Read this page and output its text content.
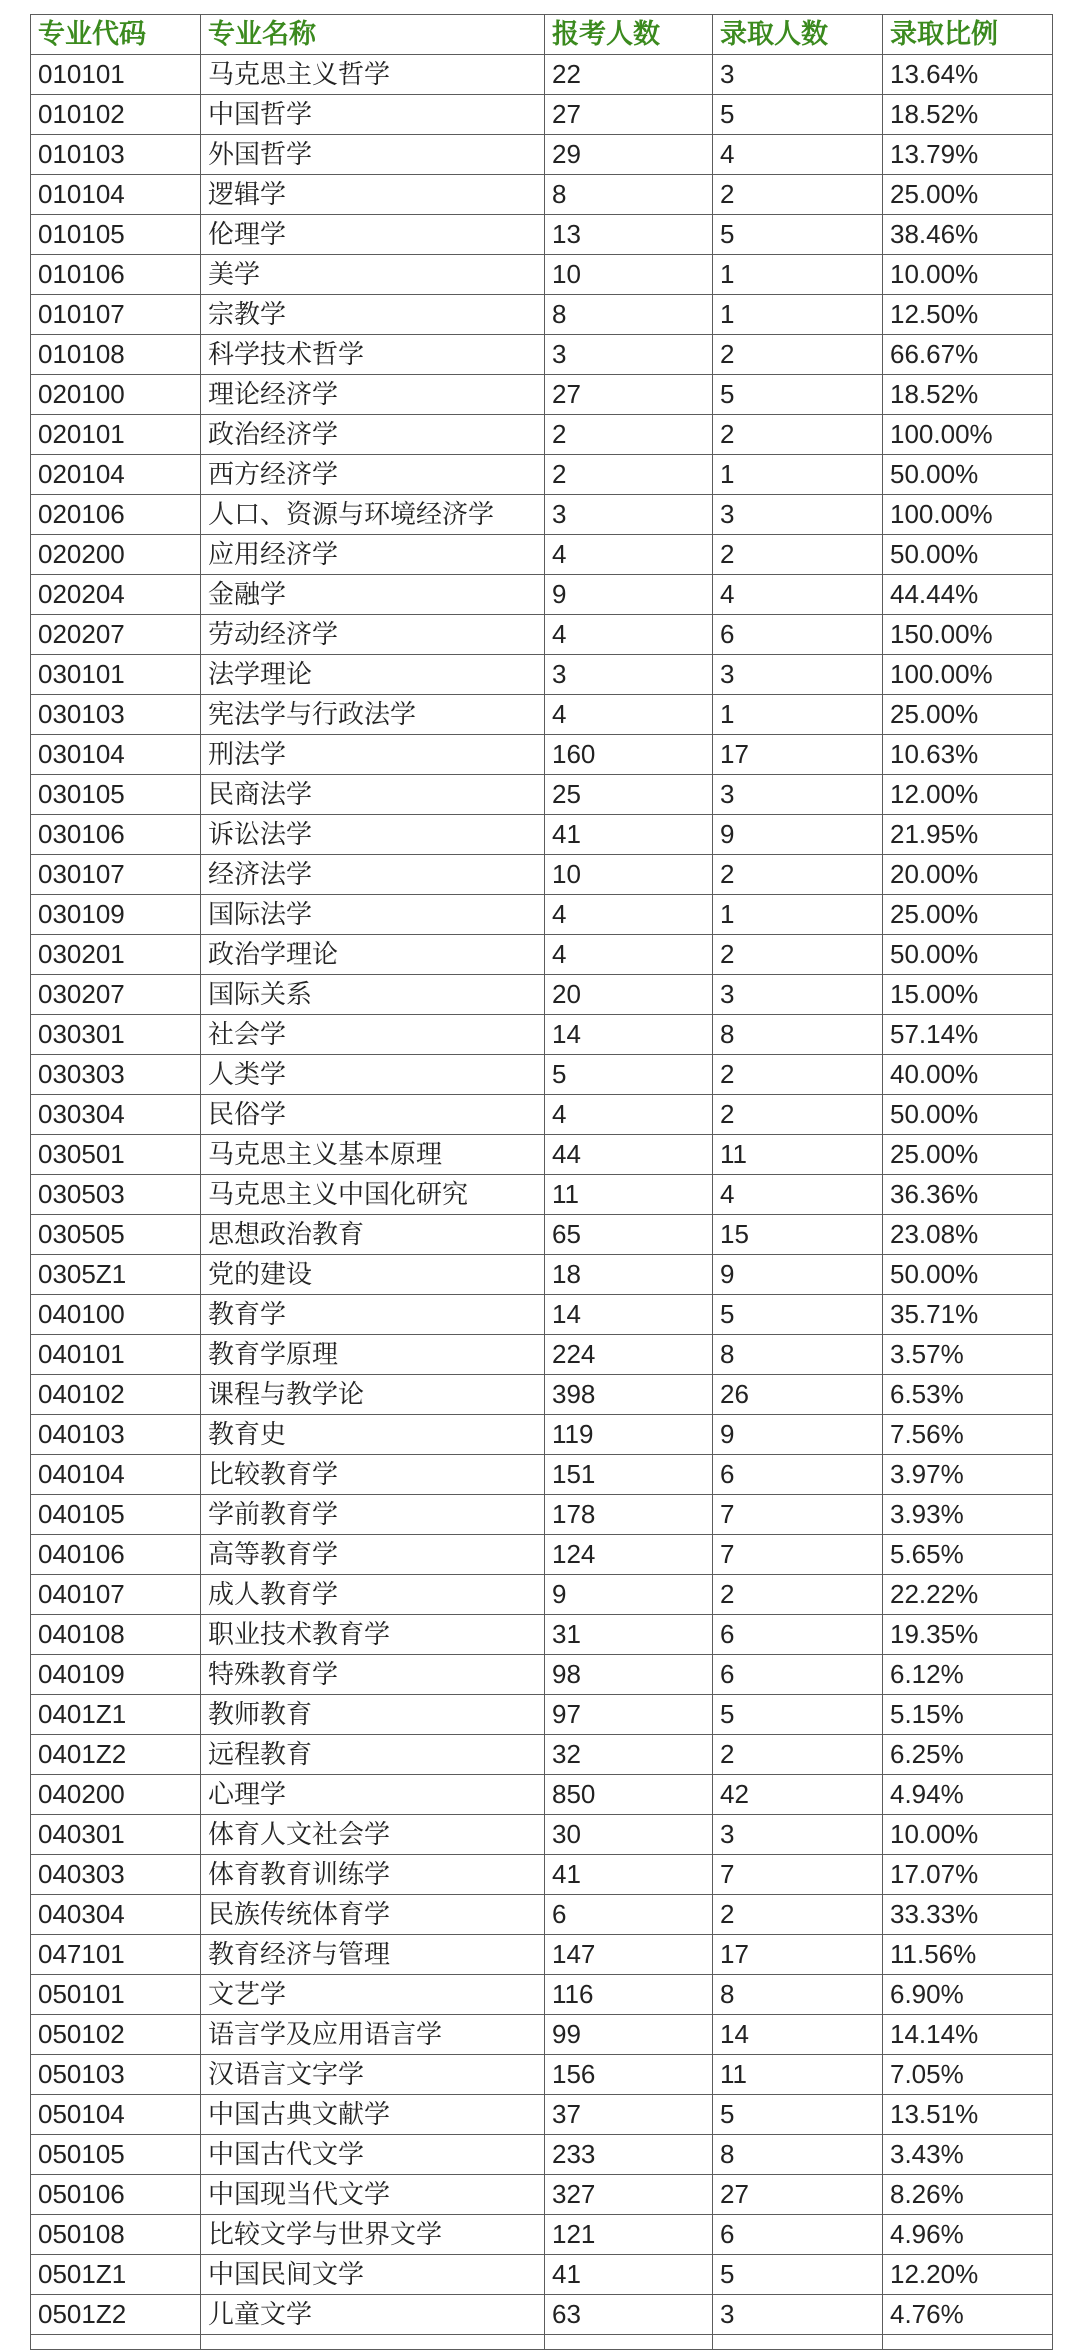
专业代码	专业名称	报考人数	录取人数	录取比例
010101	马克思主义哲学	22	3	13.64%
010102	中国哲学	27	5	18.52%
010103	外国哲学	29	4	13.79%
010104	逻辑学	8	2	25.00%
010105	伦理学	13	5	38.46%
010106	美学	10	1	10.00%
010107	宗教学	8	1	12.50%
010108	科学技术哲学	3	2	66.67%
020100	理论经济学	27	5	18.52%
020101	政治经济学	2	2	100.00%
020104	西方经济学	2	1	50.00%
020106	人口、资源与环境经济学	3	3	100.00%
020200	应用经济学	4	2	50.00%
020204	金融学	9	4	44.44%
020207	劳动经济学	4	6	150.00%
030101	法学理论	3	3	100.00%
030103	宪法学与行政法学	4	1	25.00%
030104	刑法学	160	17	10.63%
030105	民商法学	25	3	12.00%
030106	诉讼法学	41	9	21.95%
030107	经济法学	10	2	20.00%
030109	国际法学	4	1	25.00%
030201	政治学理论	4	2	50.00%
030207	国际关系	20	3	15.00%
030301	社会学	14	8	57.14%
030303	人类学	5	2	40.00%
030304	民俗学	4	2	50.00%
030501	马克思主义基本原理	44	11	25.00%
030503	马克思主义中国化研究	11	4	36.36%
030505	思想政治教育	65	15	23.08%
0305Z1	党的建设	18	9	50.00%
040100	教育学	14	5	35.71%
040101	教育学原理	224	8	3.57%
040102	课程与教学论	398	26	6.53%
040103	教育史	119	9	7.56%
040104	比较教育学	151	6	3.97%
040105	学前教育学	178	7	3.93%
040106	高等教育学	124	7	5.65%
040107	成人教育学	9	2	22.22%
040108	职业技术教育学	31	6	19.35%
040109	特殊教育学	98	6	6.12%
0401Z1	教师教育	97	5	5.15%
0401Z2	远程教育	32	2	6.25%
040200	心理学	850	42	4.94%
040301	体育人文社会学	30	3	10.00%
040303	体育教育训练学	41	7	17.07%
040304	民族传统体育学	6	2	33.33%
047101	教育经济与管理	147	17	11.56%
050101	文艺学	116	8	6.90%
050102	语言学及应用语言学	99	14	14.14%
050103	汉语言文字学	156	11	7.05%
050104	中国古典文献学	37	5	13.51%
050105	中国古代文学	233	8	3.43%
050106	中国现当代文学	327	27	8.26%
050108	比较文学与世界文学	121	6	4.96%
0501Z1	中国民间文学	41	5	12.20%
0501Z2	儿童文学	63	3	4.76%
